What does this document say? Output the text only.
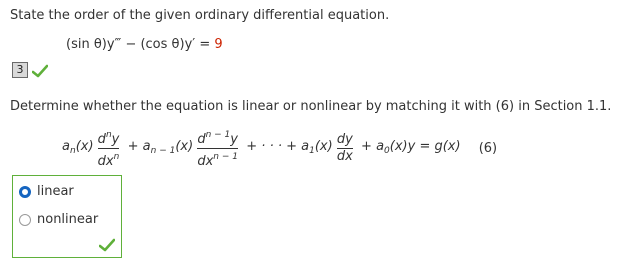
State the order of the given ordinary differential equation.
(sin θ)y‴ − (cos θ)y′ = 9
3
Determine whether the equation is linear or nonlinear by matching it with (6) in Section 1.1.
$a_n(x) \frac{d^ny}{dx^n} + a_{n - 1}(x) \frac{d^{n - 1}y}{dx^{n - 1}}$ + · · · + $a_1(x) \frac{dy}{dx} + a_0(x)y = g(x)$ (6)
linear
nonlinear
